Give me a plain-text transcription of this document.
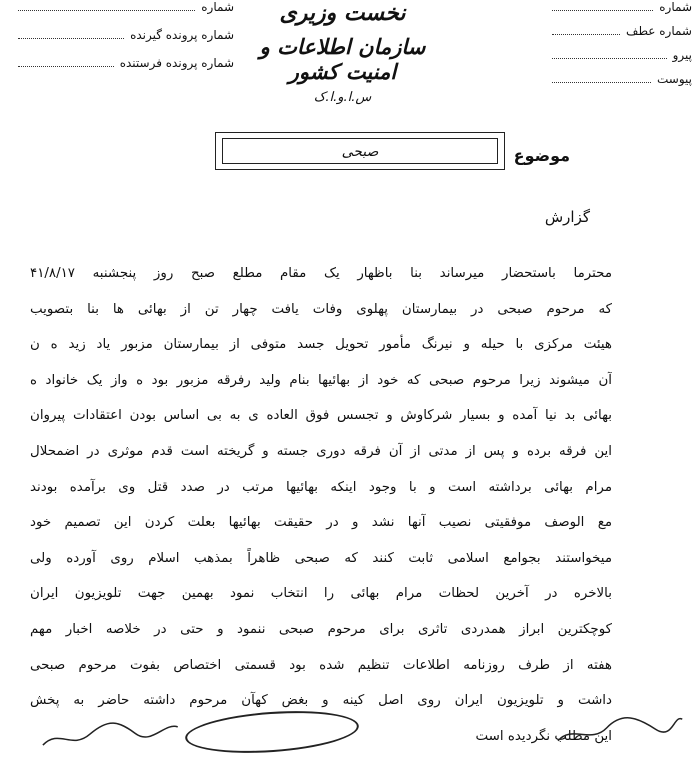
شماره
شماره عطف
پیرو
پیوست
نخست وزیری
سازمان اطلاعات و امنیت کشور
س.ا.و.ا.ک
شماره
شماره پرونده گیرنده
شماره پرونده فرستنده
موضوع
صبحی
گزارش
محترما باستحضار میرساند بنا باظهار یک مقام مطلع صبح روز پنجشنبه ۴۱/۸/۱۷
که مرحوم صبحی در بیمارستان پهلوی وفات یافت چهار تن از بهائی ها بنا بتصویب
هیئت مرکزی با حیله و نیرنگ مأمور تحویل جسد متوفی از بیمارستان مزبور یاد زید ه ن
آن میشوند زیرا مرحوم صبحی که خود از بهائیها بنام ولید رفرقه مزبور بود ه واز یک خانواد ه
بهائی بد نیا آمده و بسیار شرکاوش و تجسس فوق العاده ی به بی اساس بودن اعتقادات پیروان
این فرقه برده و پس از مدتی از آن فرقه دوری جسته و گریخته است قدم موثری در اضمحلال
مرام بهائی برداشته است و با وجود اینکه بهائیها مرتب در صدد قتل وی برآمده بودند
مع الوصف موفقیتی نصیب آنها نشد و در حقیقت بهائیها بعلت کردن این تصمیم خود
میخواستند بجوامع اسلامی ثابت کنند که صبحی ظاهراً بمذهب اسلام روی آورده ولی
بالاخره در آخرین لحظات مرام بهائی را انتخاب نمود بهمین جهت تلویزیون ایران
کوچکترین ابراز همدردی تاثری برای مرحوم صبحی ننمود و حتی در خلاصه اخبار مهم
هفته از طرف روزنامه اطلاعات تنظیم شده بود قسمتی اختصاص بفوت مرحوم صبحی
داشت و تلویزیون ایران روی اصل کینه و بغض کهآن مرحوم داشته حاضر به پخش
این مطلب نگردیده است
